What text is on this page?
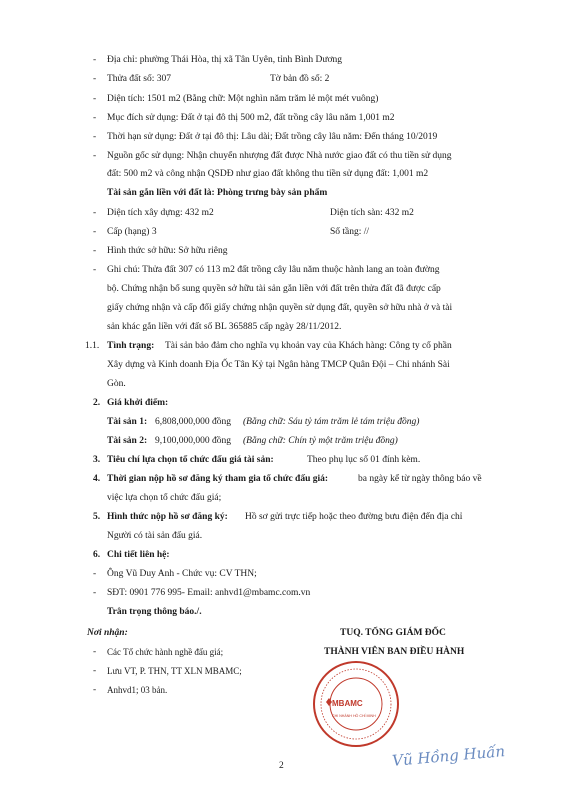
- Địa chỉ: phường Thái Hòa, thị xã Tân Uyên, tỉnh Bình Dương
- Thửa đất số: 307	Tờ bản đồ số: 2
- Diện tích: 1501 m2 (Bằng chữ: Một nghìn năm trăm lẻ một mét vuông)
- Mục đích sử dụng: Đất ở tại đô thị 500 m2, đất trồng cây lâu năm 1,001 m2
- Thời hạn sử dụng: Đất ở tại đô thị: Lâu dài; Đất trồng cây lâu năm: Đến tháng 10/2019
- Nguồn gốc sử dụng: Nhận chuyển nhượng đất được Nhà nước giao đất có thu tiền sử dụng
đất: 500 m2 và công nhận QSDĐ như giao đất không thu tiền sử dụng đất: 1,001 m2
Tài sản gắn liền với đất là: Phòng trưng bày sản phẩm
- Diện tích xây dựng: 432 m2	Diện tích sàn: 432 m2
- Cấp (hạng) 3	Số tầng: //
- Hình thức sở hữu: Sở hữu riêng
- Ghi chú: Thửa đất 307 có 113 m2 đất trồng cây lâu năm thuộc hành lang an toàn đường
bộ. Chứng nhận bổ sung quyền sở hữu tài sản gắn liền với đất trên thửa đất đã được cấp
giấy chứng nhận và cấp đổi giấy chứng nhận quyền sử dụng đất, quyền sở hữu nhà ở và tài
sản khác gắn liền với đất số BL 365885 cấp ngày 28/11/2012.
1.1. Tình trạng: Tài sản bảo đảm cho nghĩa vụ khoản vay của Khách hàng: Công ty cổ phần
Xây dựng và Kinh doanh Địa Ốc Tân Kỷ tại Ngân hàng TMCP Quân Đội – Chi nhánh Sài
Gòn.
2. Giá khởi điểm:
Tài sản 1: 6,808,000,000 đồng (Bằng chữ: Sáu tỷ tám trăm lẻ tám triệu đồng)
Tài sản 2: 9,100,000,000 đồng (Bằng chữ: Chín tỷ một trăm triệu đồng)
3. Tiêu chí lựa chọn tổ chức đấu giá tài sản:	Theo phụ lục số 01 đính kèm.
4. Thời gian nộp hồ sơ đăng ký tham gia tổ chức đấu giá:	ba ngày kể từ ngày thông báo về
việc lựa chọn tổ chức đấu giá;
5. Hình thức nộp hồ sơ đăng ký: Hồ sơ gửi trực tiếp hoặc theo đường bưu điện đến địa chỉ
Người có tài sản đấu giá.
6. Chi tiết liên hệ:
- Ông Vũ Duy Anh - Chức vụ: CV THN;
- SĐT: 0901 776 995- Email: anhvd1@mbamc.com.vn
Trân trọng thông báo./.
Nơi nhận:
- Các Tổ chức hành nghề đấu giá;
- Lưu VT, P. THN, TT XLN MBAMC;
- Anhvd1; 03 bản.
TUQ. TỔNG GIÁM ĐỐC
THÀNH VIÊN BAN ĐIỀU HÀNH
MBAMC
CHI NHÁNH HỒ CHÍ MINH
Vũ Hồng Huấn
2
